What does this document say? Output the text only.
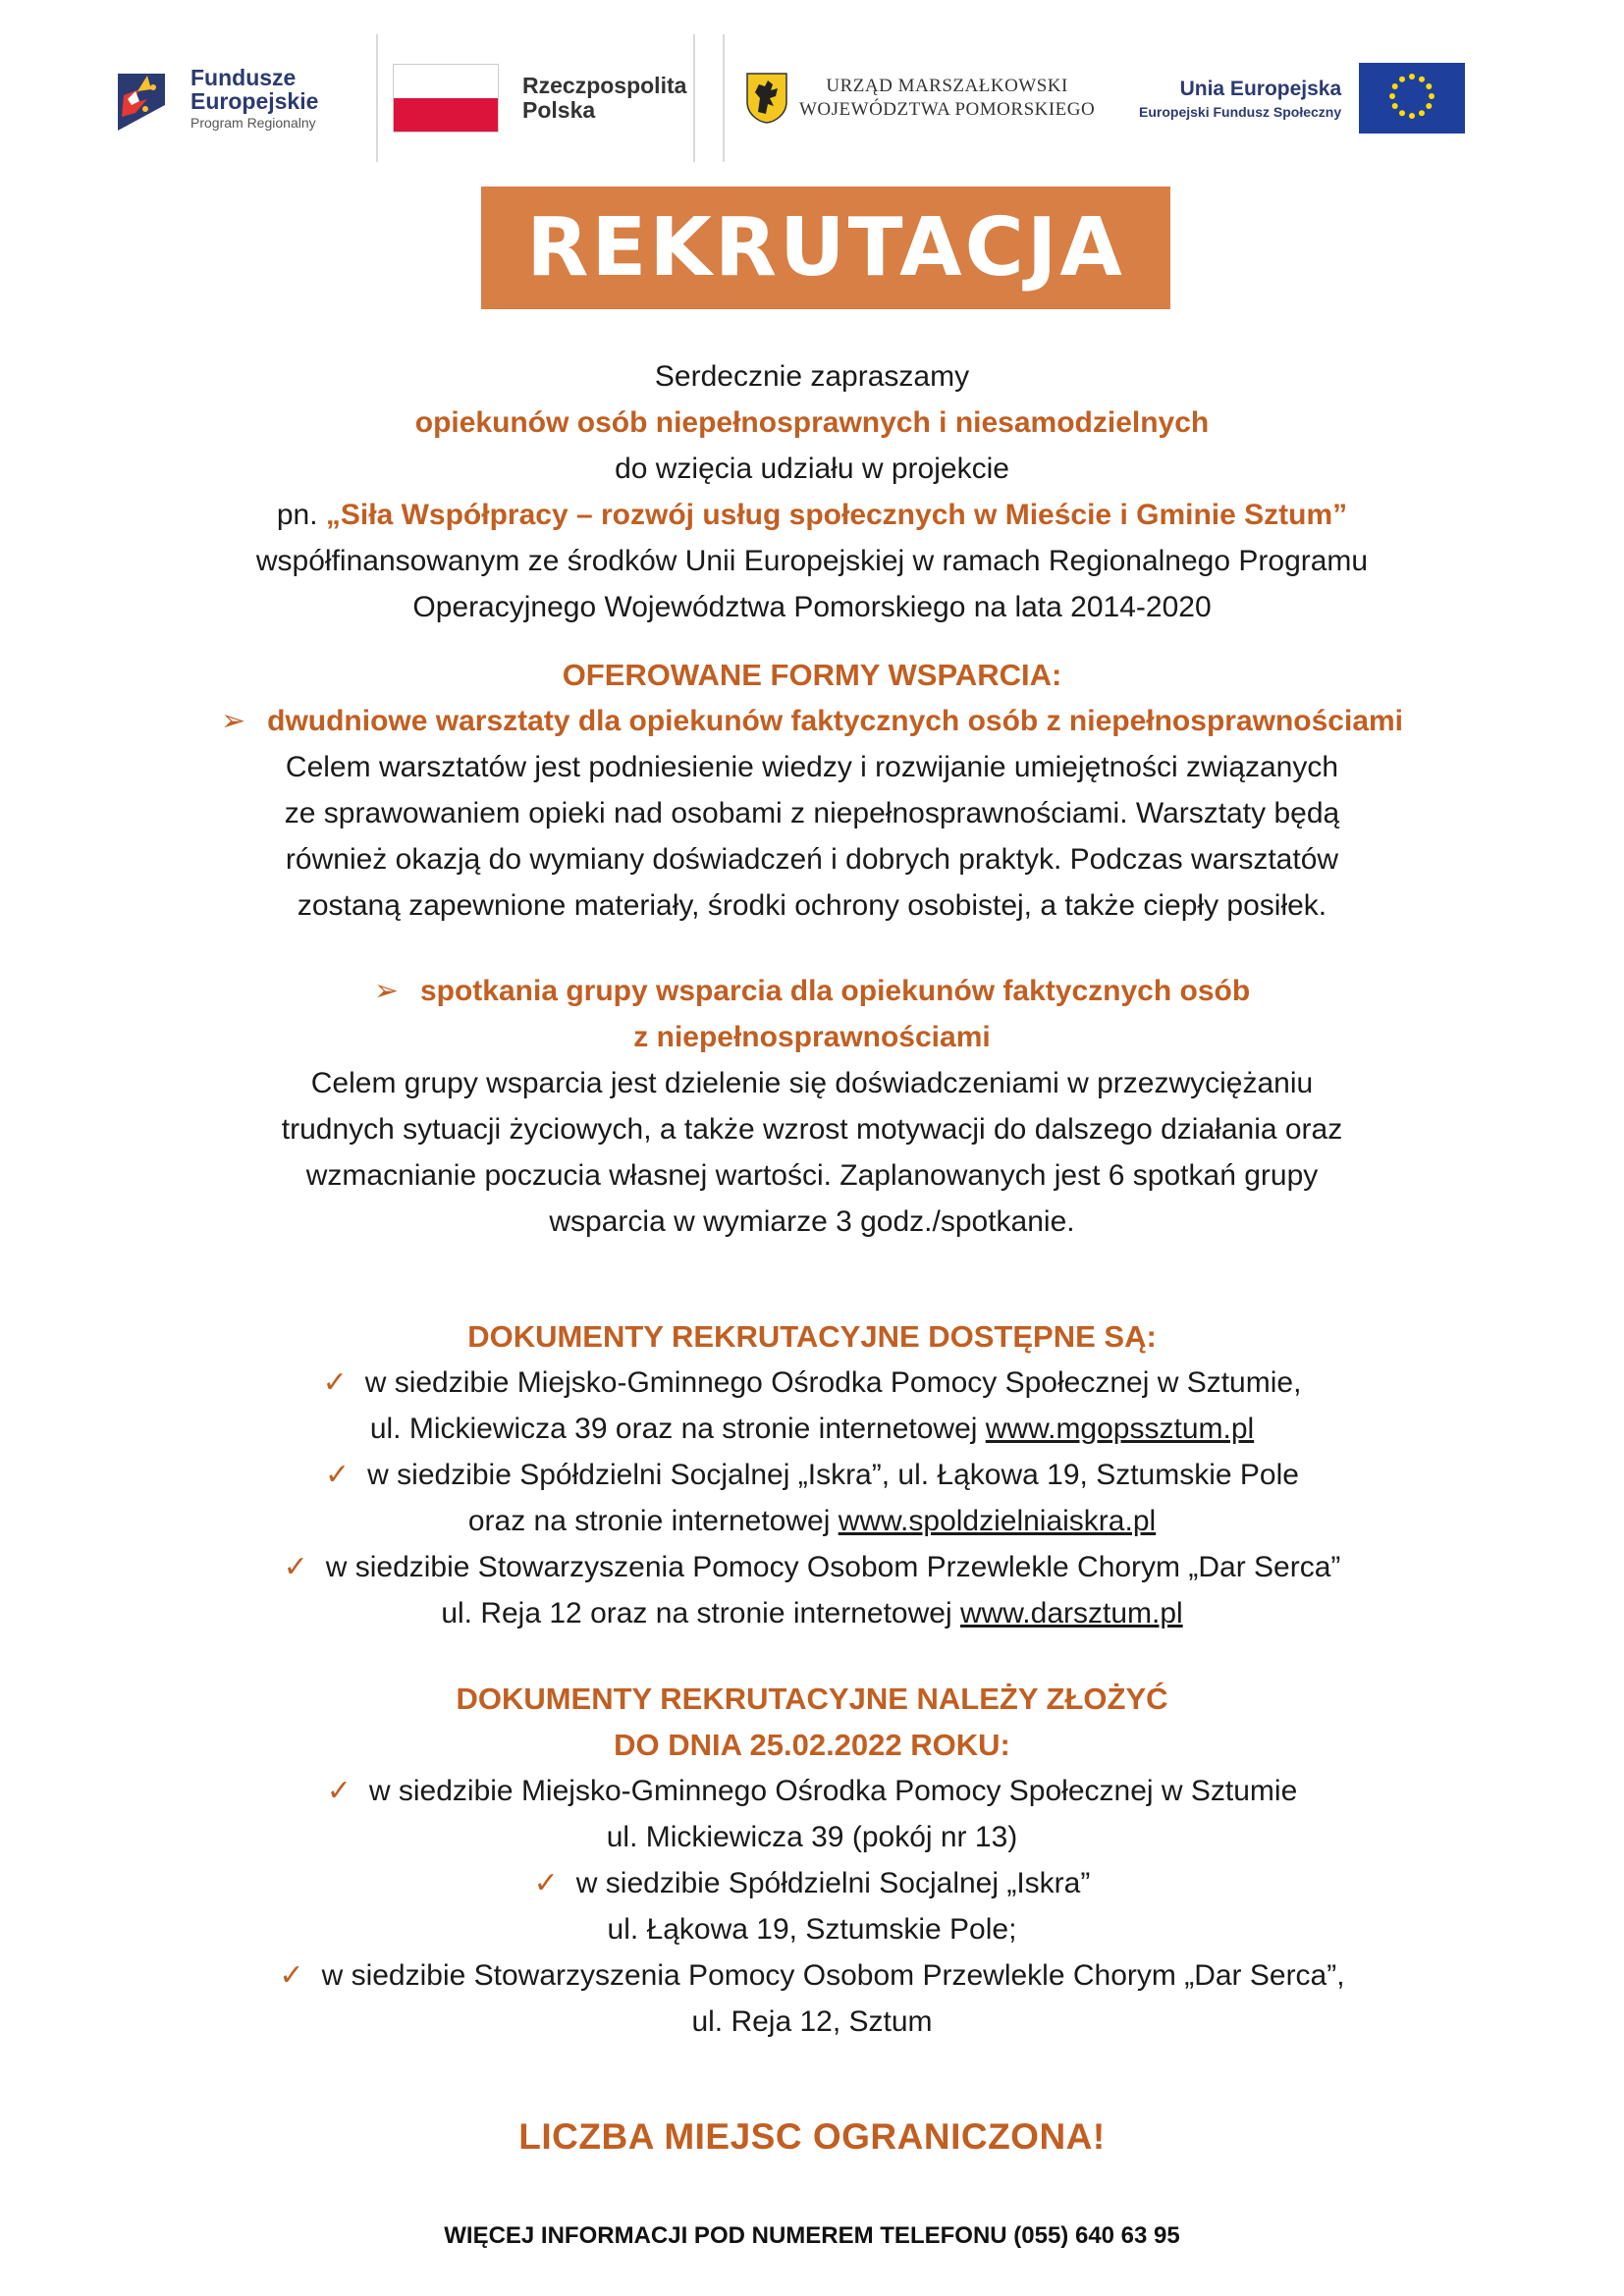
Fundusze
Europejskie
Program Regionalny
Rzeczpospolita
Polska
URZĄD MARSZAŁKOWSKI
WOJEWÓDZTWA POMORSKIEGO
Unia Europejska
Europejski Fundusz Społeczny
REKRUTACJA
Serdecznie zapraszamy
opiekunów osób niepełnosprawnych i niesamodzielnych
do wzięcia udziału w projekcie
pn. „Siła Współpracy – rozwój usług społecznych w Mieście i Gminie Sztum”
współfinansowanym ze środków Unii Europejskiej w ramach Regionalnego Programu
Operacyjnego Województwa Pomorskiego na lata 2014-2020
OFEROWANE FORMY WSPARCIA:
➢ dwudniowe warsztaty dla opiekunów faktycznych osób z niepełnosprawnościami
Celem warsztatów jest podniesienie wiedzy i rozwijanie umiejętności związanych
ze sprawowaniem opieki nad osobami z niepełnosprawnościami. Warsztaty będą
również okazją do wymiany doświadczeń i dobrych praktyk. Podczas warsztatów
zostaną zapewnione materiały, środki ochrony osobistej, a także ciepły posiłek.
➢ spotkania grupy wsparcia dla opiekunów faktycznych osób
z niepełnosprawnościami
Celem grupy wsparcia jest dzielenie się doświadczeniami w przezwyciężaniu
trudnych sytuacji życiowych, a także wzrost motywacji do dalszego działania oraz
wzmacnianie poczucia własnej wartości. Zaplanowanych jest 6 spotkań grupy
wsparcia w wymiarze 3 godz./spotkanie.
DOKUMENTY REKRUTACYJNE DOSTĘPNE SĄ:
✓ w siedzibie Miejsko-Gminnego Ośrodka Pomocy Społecznej w Sztumie,
ul. Mickiewicza 39 oraz na stronie internetowej www.mgopssztum.pl
✓ w siedzibie Spółdzielni Socjalnej „Iskra”, ul. Łąkowa 19, Sztumskie Pole
oraz na stronie internetowej www.spoldzielniaiskra.pl
✓ w siedzibie Stowarzyszenia Pomocy Osobom Przewlekle Chorym „Dar Serca”
ul. Reja 12 oraz na stronie internetowej www.darsztum.pl
DOKUMENTY REKRUTACYJNE NALEŻY ZŁOŻYĆ
DO DNIA 25.02.2022 ROKU:
✓ w siedzibie Miejsko-Gminnego Ośrodka Pomocy Społecznej w Sztumie
ul. Mickiewicza 39 (pokój nr 13)
✓ w siedzibie Spółdzielni Socjalnej „Iskra”
ul. Łąkowa 19, Sztumskie Pole;
✓ w siedzibie Stowarzyszenia Pomocy Osobom Przewlekle Chorym „Dar Serca”,
ul. Reja 12, Sztum
LICZBA MIEJSC OGRANICZONA!
WIĘCEJ INFORMACJI POD NUMEREM TELEFONU (055) 640 63 95
